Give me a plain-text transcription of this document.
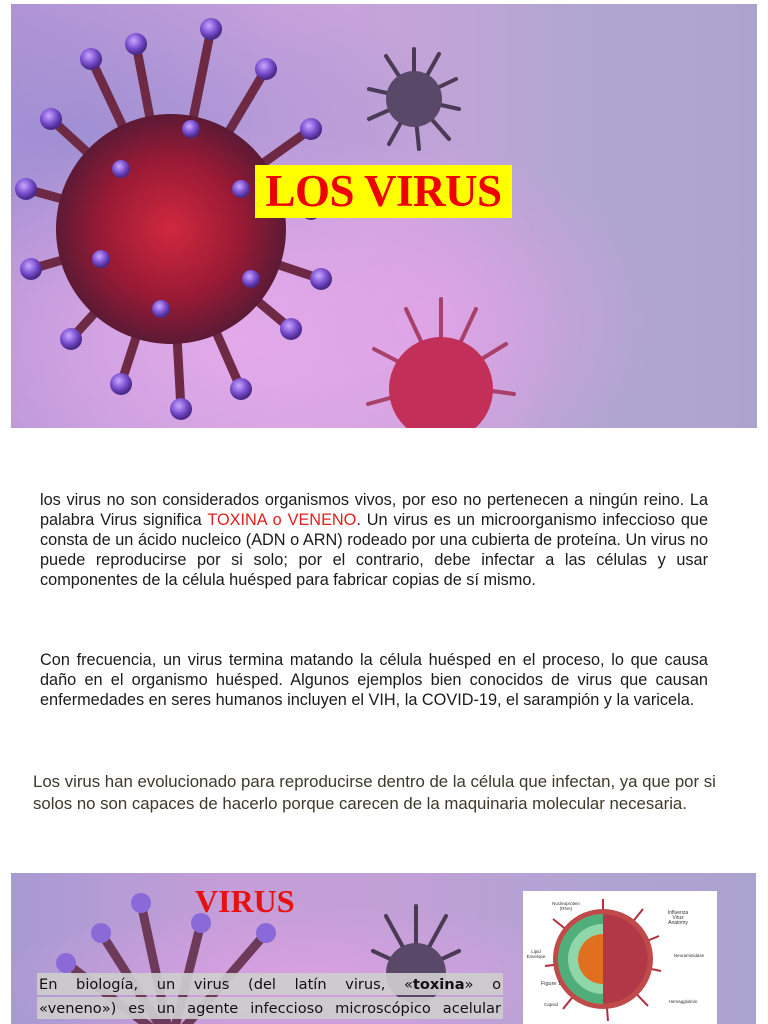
LOS VIRUS

los virus no son considerados organismos vivos, por eso no pertenecen a ningún reino. La palabra Virus significa TOXINA o VENENO. Un virus es un microorganismo infeccioso que consta de un ácido nucleico (ADN o ARN) rodeado por una cubierta de proteína. Un virus no puede reproducirse por si solo; por el contrario, debe infectar a las células y usar componentes de la célula huésped para fabricar copias de sí mismo.

Con frecuencia, un virus termina matando la célula huésped en el proceso, lo que causa daño en el organismo huésped. Algunos ejemplos bien conocidos de virus que causan enfermedades en seres humanos incluyen el VIH, la COVID-19, el sarampión y la varicela.

Los virus han evolucionado para reproducirse dentro de la célula que infectan, ya que por si solos no son capaces de hacerlo porque carecen de la maquinaria molecular necesaria.

VIRUS
En biología, un virus (del latín virus, «toxina» o
«veneno») es un agente infeccioso microscópico acelular
Nucleoprotein (RNA)
Influenza Virus Anatomy
Lipid Envelope	Neuraminidase
Figure 1
Capsid
Hemagglutinin
